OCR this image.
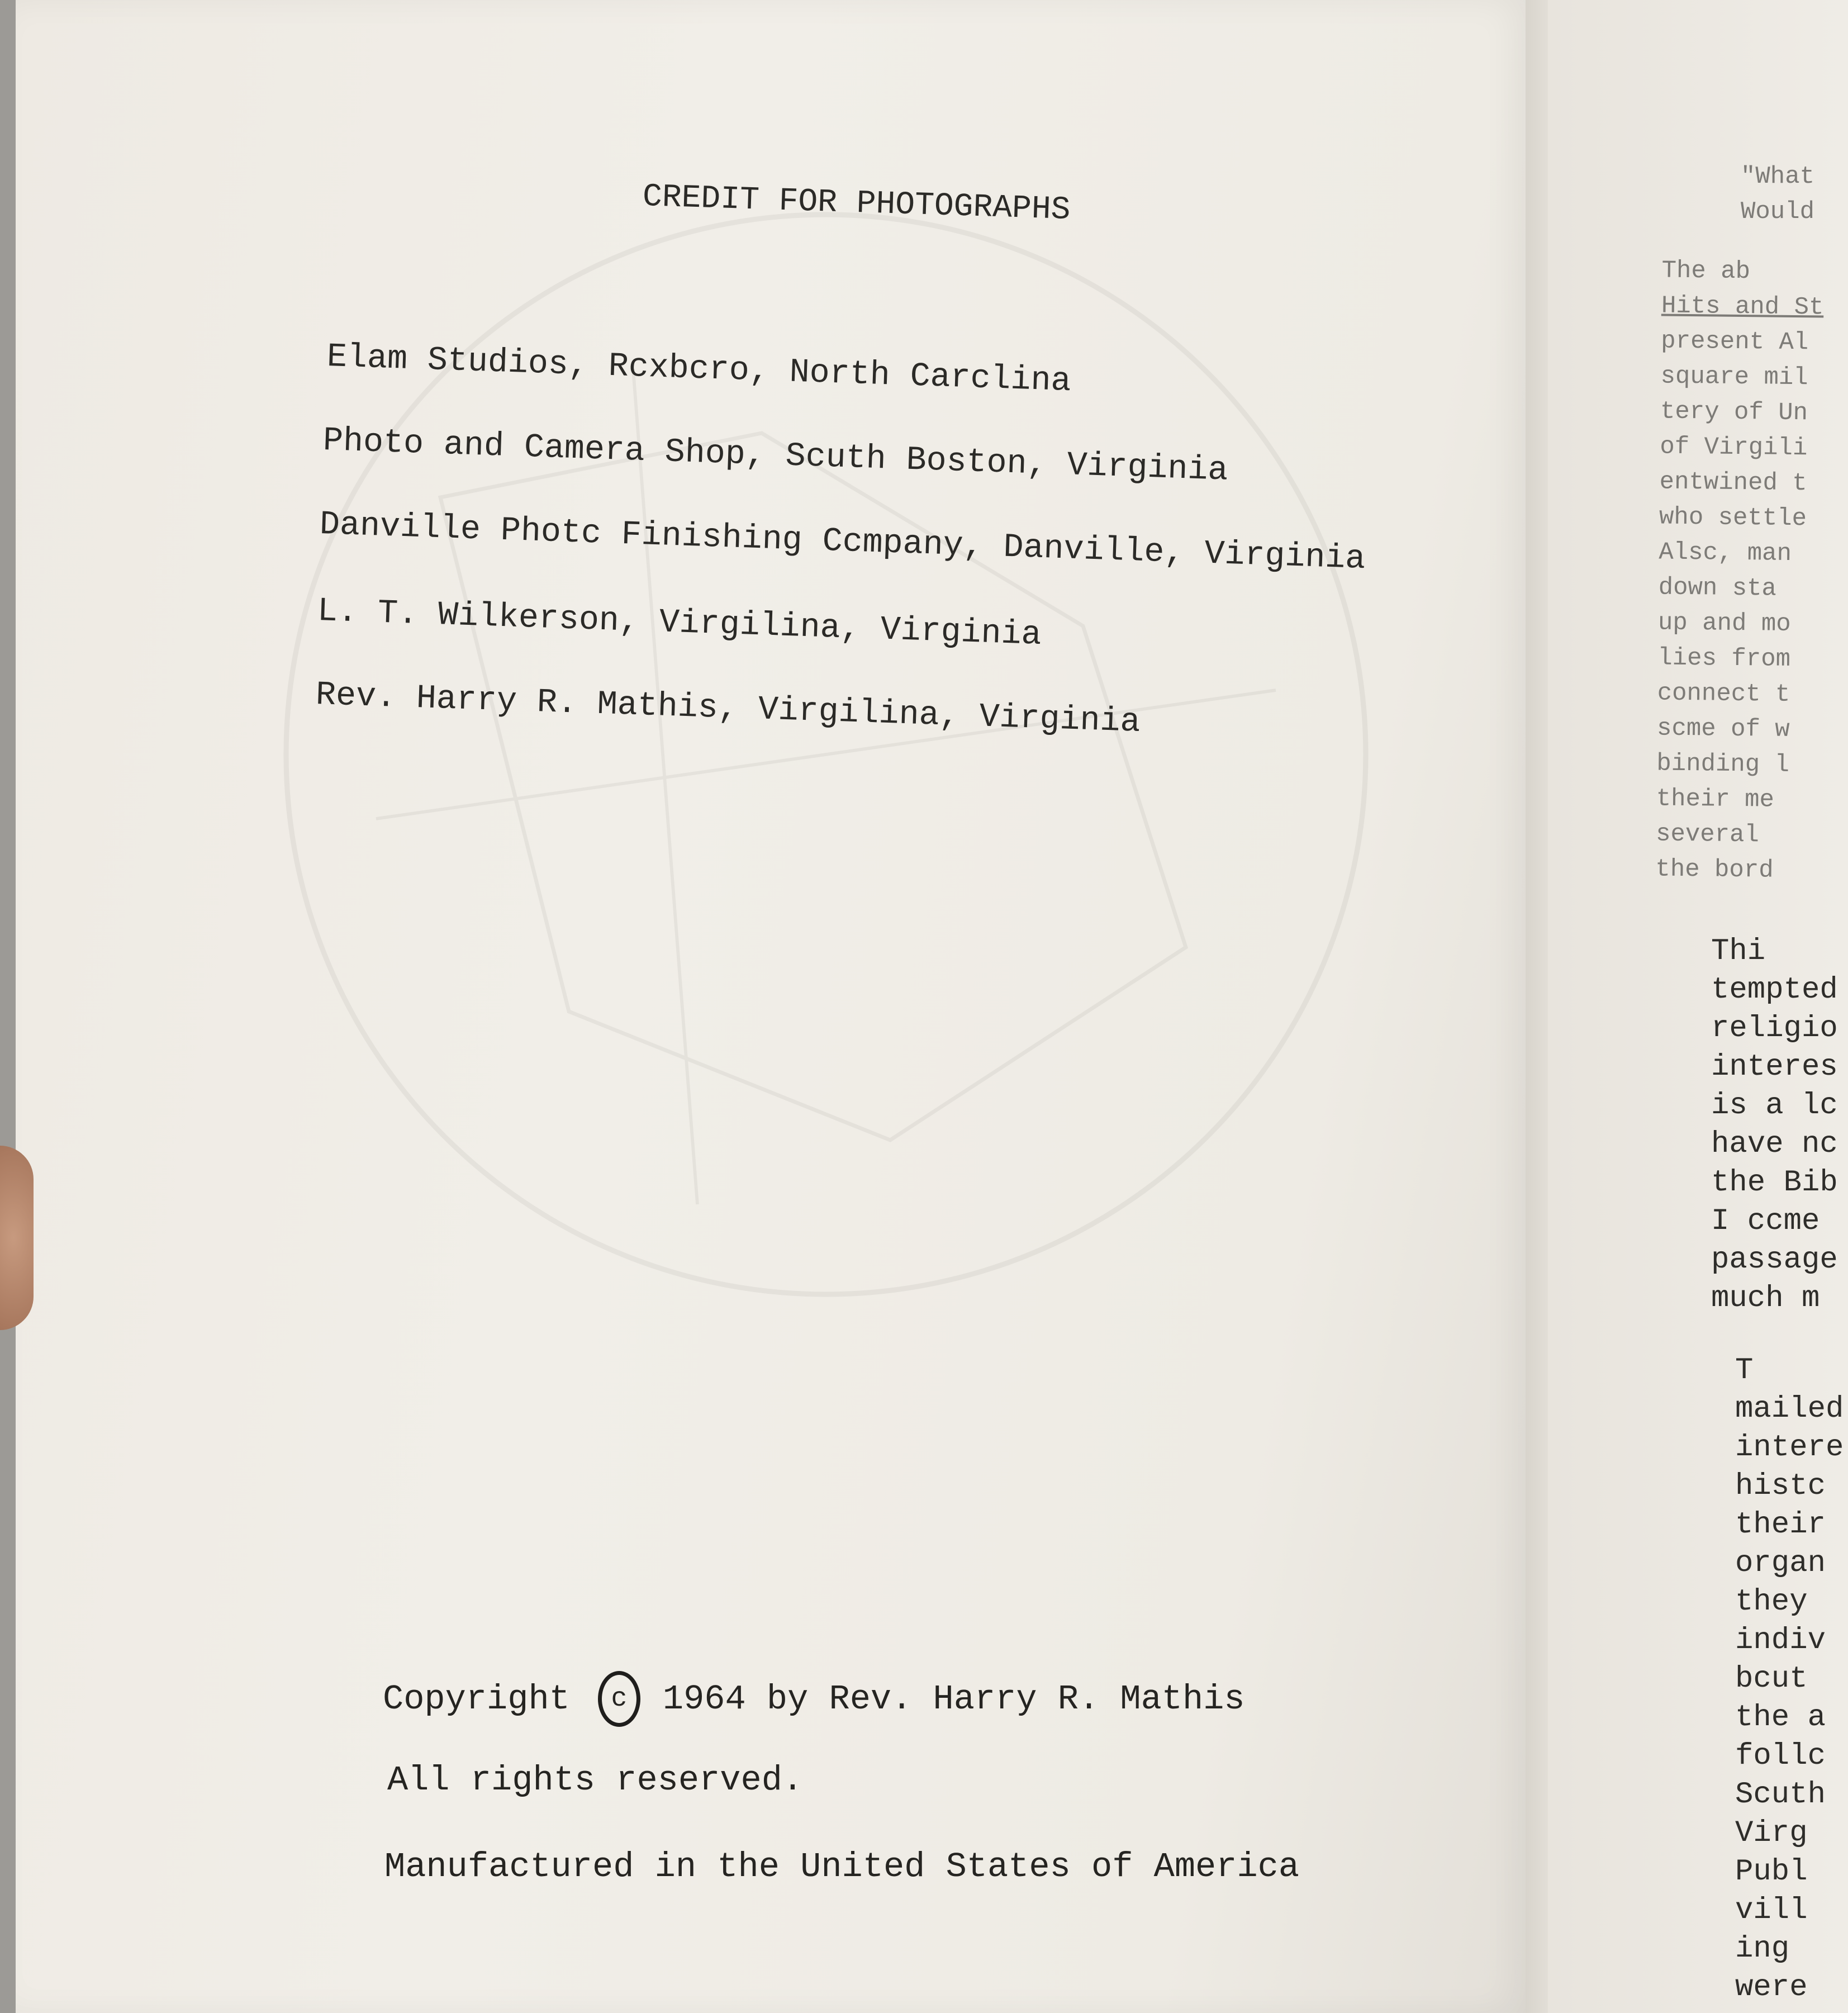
CREDIT FOR PHOTOGRAPHS
Elam Studios, Rcxbcro, North Carclina
Photo and Camera Shop, Scuth Boston, Virginia
Danville Photc Finishing Ccmpany, Danville, Virginia
L. T. Wilkerson, Virgilina, Virginia
Rev. Harry R. Mathis, Virgilina, Virginia
Copyright	c	1964 by Rev. Harry R. Mathis
All rights reserved.
Manufactured in the United States of America
"What
Would
The ab
Hits and St
present Al
square mil
tery of Un
of Virgili
entwined t
who settle
Alsc, man
down sta
up and mo
lies from
connect t
scme of w
binding l
their me
several
the bord
Thi
tempted
religio
interes
is a lc
have nc
the Bib
I ccme
passage
much m
T
mailed
intere
histc
their
organ
they
indiv
bcut
the a
follc
Scuth
Virg
Publ
vill
ing
were
